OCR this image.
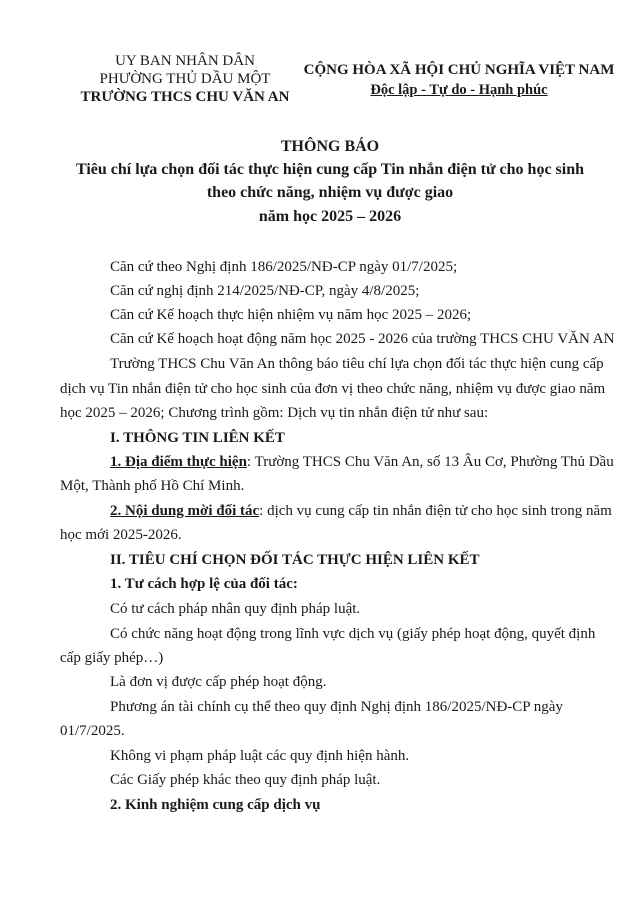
UY BAN NHÂN DÂN
PHƯỜNG THỦ DẦU MỘT
TRƯỜNG THCS CHU VĂN AN
CỘNG HÒA XÃ HỘI CHỦ NGHĨA VIỆT NAM
Độc lập - Tự do - Hạnh phúc
THÔNG BÁO
Tiêu chí lựa chọn đối tác thực hiện cung cấp Tin nhắn điện tử cho học sinh
theo chức năng, nhiệm vụ được giao
năm học 2025 – 2026
Căn cứ theo Nghị định 186/2025/NĐ-CP ngày 01/7/2025;
Căn cứ nghị định 214/2025/NĐ-CP, ngày 4/8/2025;
Căn cứ Kế hoạch thực hiện nhiệm vụ năm học 2025 – 2026;
Căn cứ Kế hoạch hoạt động năm học 2025 - 2026 của trường THCS CHU VĂN AN
Trường THCS Chu Văn An thông báo tiêu chí lựa chọn đối tác thực hiện cung cấp
dịch vụ Tin nhắn điện tử cho học sinh của đơn vị theo chức năng, nhiệm vụ được giao năm
học 2025 – 2026; Chương trình gồm: Dịch vụ tin nhắn điện tử như sau:
I. THÔNG TIN LIÊN KẾT
1. Địa điểm thực hiện: Trường THCS Chu Văn An, số 13 Âu Cơ, Phường Thủ Dầu
Một, Thành phố Hồ Chí Minh.
2. Nội dung mời đối tác: dịch vụ cung cấp tin nhắn điện tử cho học sinh trong năm
học mới 2025-2026.
II. TIÊU CHÍ CHỌN ĐỐI TÁC THỰC HIỆN LIÊN KẾT
1. Tư cách hợp lệ của đối tác:
Có tư cách pháp nhân quy định pháp luật.
Có chức năng hoạt động trong lĩnh vực dịch vụ (giấy phép hoạt động, quyết định
cấp giấy phép…)
Là đơn vị được cấp phép hoạt động.
Phương án tài chính cụ thể theo quy định Nghị định 186/2025/NĐ-CP ngày
01/7/2025.
Không vi phạm pháp luật các quy định hiện hành.
Các Giấy phép khác theo quy định pháp luật.
2. Kinh nghiệm cung cấp dịch vụ
